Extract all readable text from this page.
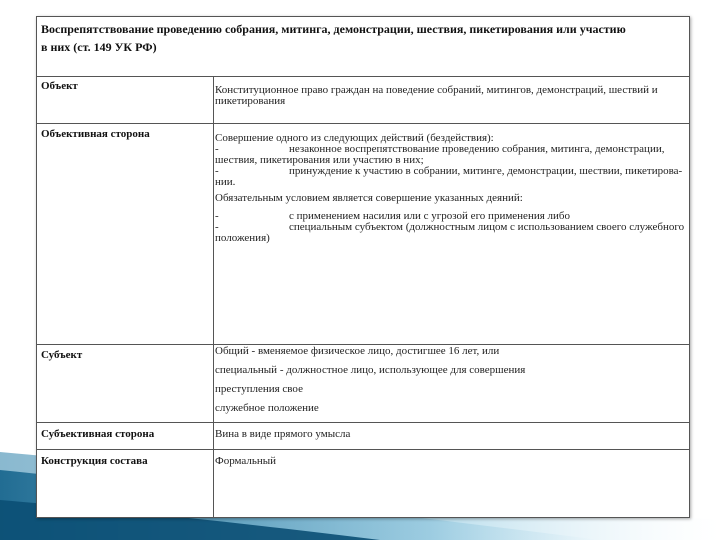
Воспрепятствование проведению собрания, митинга, демонстрации, шествия, пикетирования или участию
в них (ст. 149 УК РФ)
Объект	Конституционное право граждан на поведение собраний, митингов, демонстраций, шествий и пикетирования
Объективная сторона	Совершение одного из следующих действий (бездействия):
-	незаконное воспрепятствование проведению собрания, митинга, демонстрации, шествия, пикетирования или участию в них;
-	принуждение к участию в собрании, митинге, демонстрации, шествии, пикетирова- нии.
Обязательным условием является совершение указанных деяний:
-	с применением насилия или с угрозой его применения либо
-	специальным субъектом (должностным лицом с использованием своего служебного положения)
Субъект	Общий - вменяемое физическое лицо, достигшее 16 лет, или
специальный - должностное лицо, использующее для совершения
преступления свое
служебное положение
Субъективная сторона	Вина в виде прямого умысла
Конструкция состава	Формальный
